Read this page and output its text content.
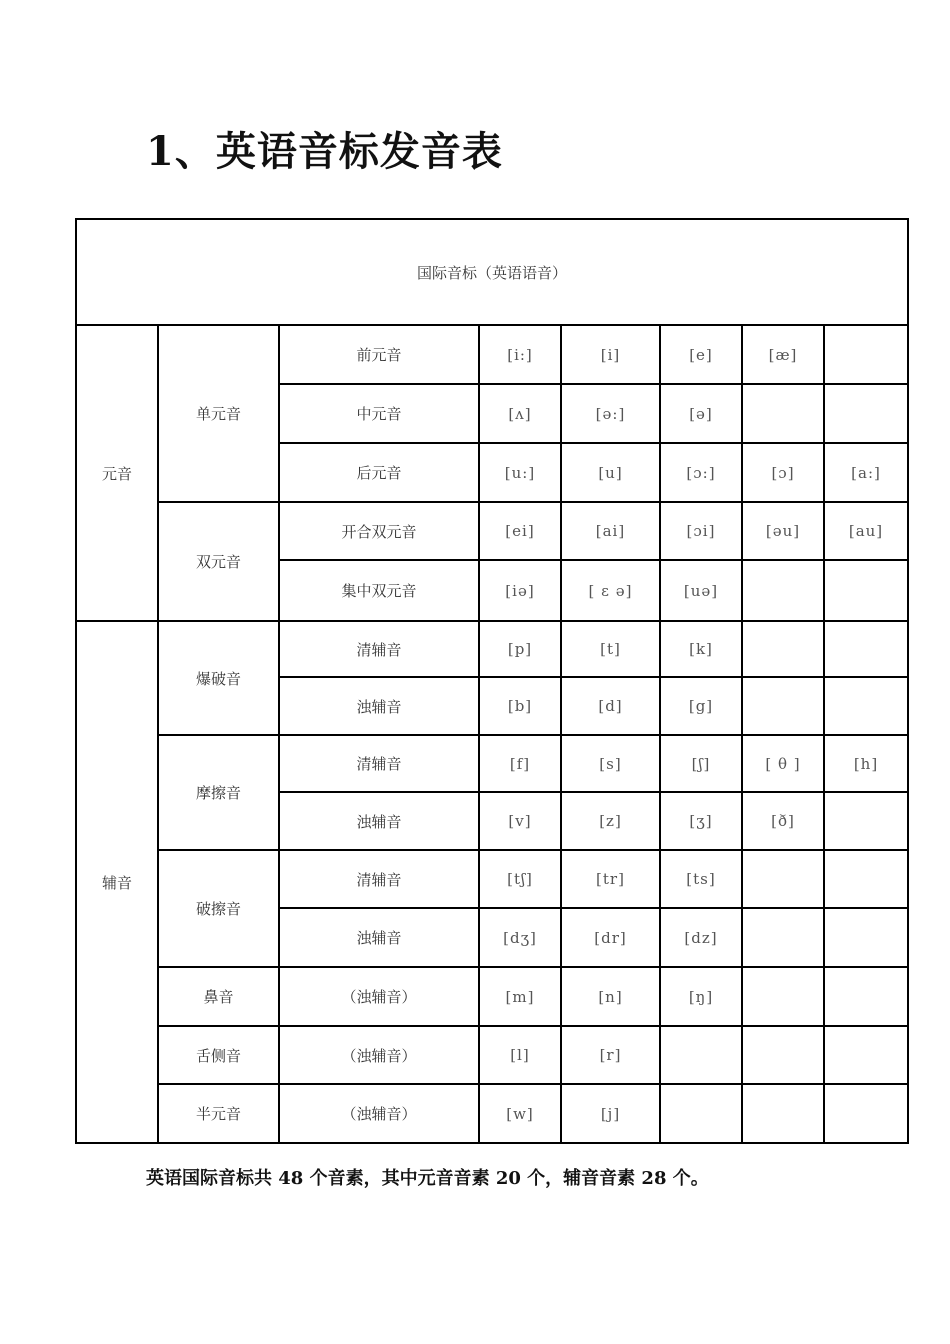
1、英语音标发音表
国际音标（英语语音）							
元音	单元音	前元音	[i:]	[i]	[e]	[æ]	
		中元音	[ʌ]	[ə:]	[ə]		
		后元音	[u:]	[u]	[ɔ:]	[ɔ]	[a:]
	双元音	开合双元音	[ei]	[ai]	[ɔi]	[əu]	[au]
		集中双元音	[iə]	[ ɛ ə]	[uə]		
辅音	爆破音	清辅音	[p]	[t]	[k]		
		浊辅音	[b]	[d]	[g]		
	摩擦音	清辅音	[f]	[s]	[ʃ]	[ θ ]	[h]
		浊辅音	[v]	[z]	[ʒ]	[ð]	
	破擦音	清辅音	[tʃ]	[tr]	[ts]		
		浊辅音	[dʒ]	[dr]	[dz]		
	鼻音	（浊辅音）	[m]	[n]	[ŋ]		
	舌侧音	（浊辅音）	[l]	[r]			
	半元音	（浊辅音）	[w]	[j]			

英语国际音标共 48 个音素，其中元音音素 20 个，辅音音素 28 个。
